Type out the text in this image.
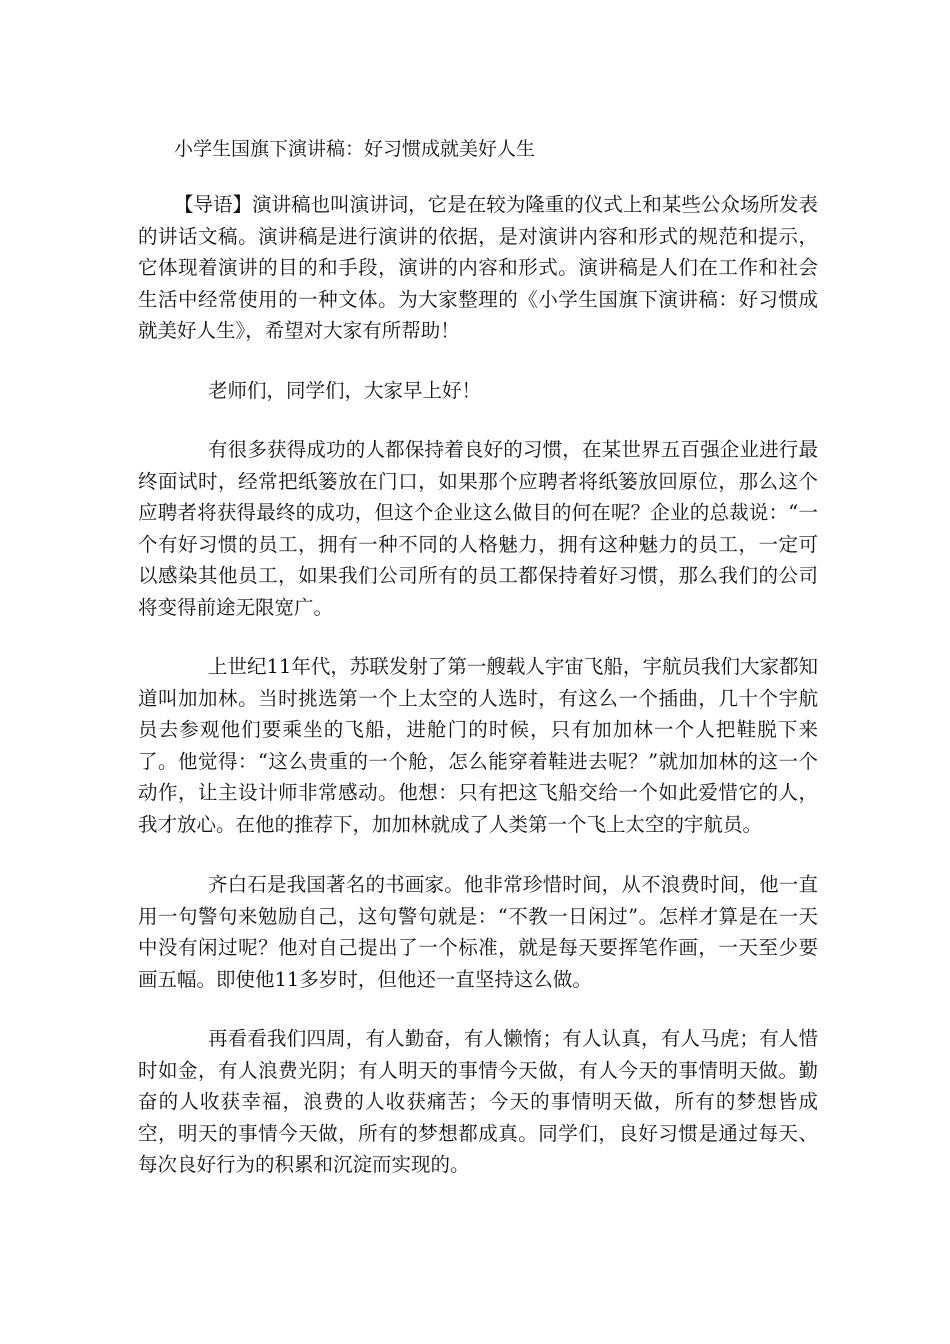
小学生国旗下演讲稿：好习惯成就美好人生

【导语】演讲稿也叫演讲词，它是在较为隆重的仪式上和某些公众场所发表的讲话文稿。演讲稿是进行演讲的依据，是对演讲内容和形式的规范和提示，它体现着演讲的目的和手段，演讲的内容和形式。演讲稿是人们在工作和社会生活中经常使用的一种文体。为大家整理的《小学生国旗下演讲稿：好习惯成就美好人生》，希望对大家有所帮助！

老师们，同学们，大家早上好！

有很多获得成功的人都保持着良好的习惯，在某世界五百强企业进行最终面试时，经常把纸篓放在门口，如果那个应聘者将纸篓放回原位，那么这个应聘者将获得最终的成功，但这个企业这么做目的何在呢？企业的总裁说：“一个有好习惯的员工，拥有一种不同的人格魅力，拥有这种魅力的员工，一定可以感染其他员工，如果我们公司所有的员工都保持着好习惯，那么我们的公司将变得前途无限宽广。

上世纪11年代，苏联发射了第一艘载人宇宙飞船，宇航员我们大家都知道叫加加林。当时挑选第一个上太空的人选时，有这么一个插曲，几十个宇航员去参观他们要乘坐的飞船，进舱门的时候，只有加加林一个人把鞋脱下来了。他觉得：“这么贵重的一个舱，怎么能穿着鞋进去呢？”就加加林的这一个动作，让主设计师非常感动。他想：只有把这飞船交给一个如此爱惜它的人，我才放心。在他的推荐下，加加林就成了人类第一个飞上太空的宇航员。

齐白石是我国著名的书画家。他非常珍惜时间，从不浪费时间，他一直用一句警句来勉励自己，这句警句就是：“不教一日闲过”。怎样才算是在一天中没有闲过呢？他对自己提出了一个标准，就是每天要挥笔作画，一天至少要画五幅。即使他11多岁时，但他还一直坚持这么做。

再看看我们四周，有人勤奋，有人懒惰；有人认真，有人马虎；有人惜时如金，有人浪费光阴；有人明天的事情今天做，有人今天的事情明天做。勤奋的人收获幸福，浪费的人收获痛苦；今天的事情明天做，所有的梦想皆成空，明天的事情今天做，所有的梦想都成真。同学们，良好习惯是通过每天、每次良好行为的积累和沉淀而实现的。
